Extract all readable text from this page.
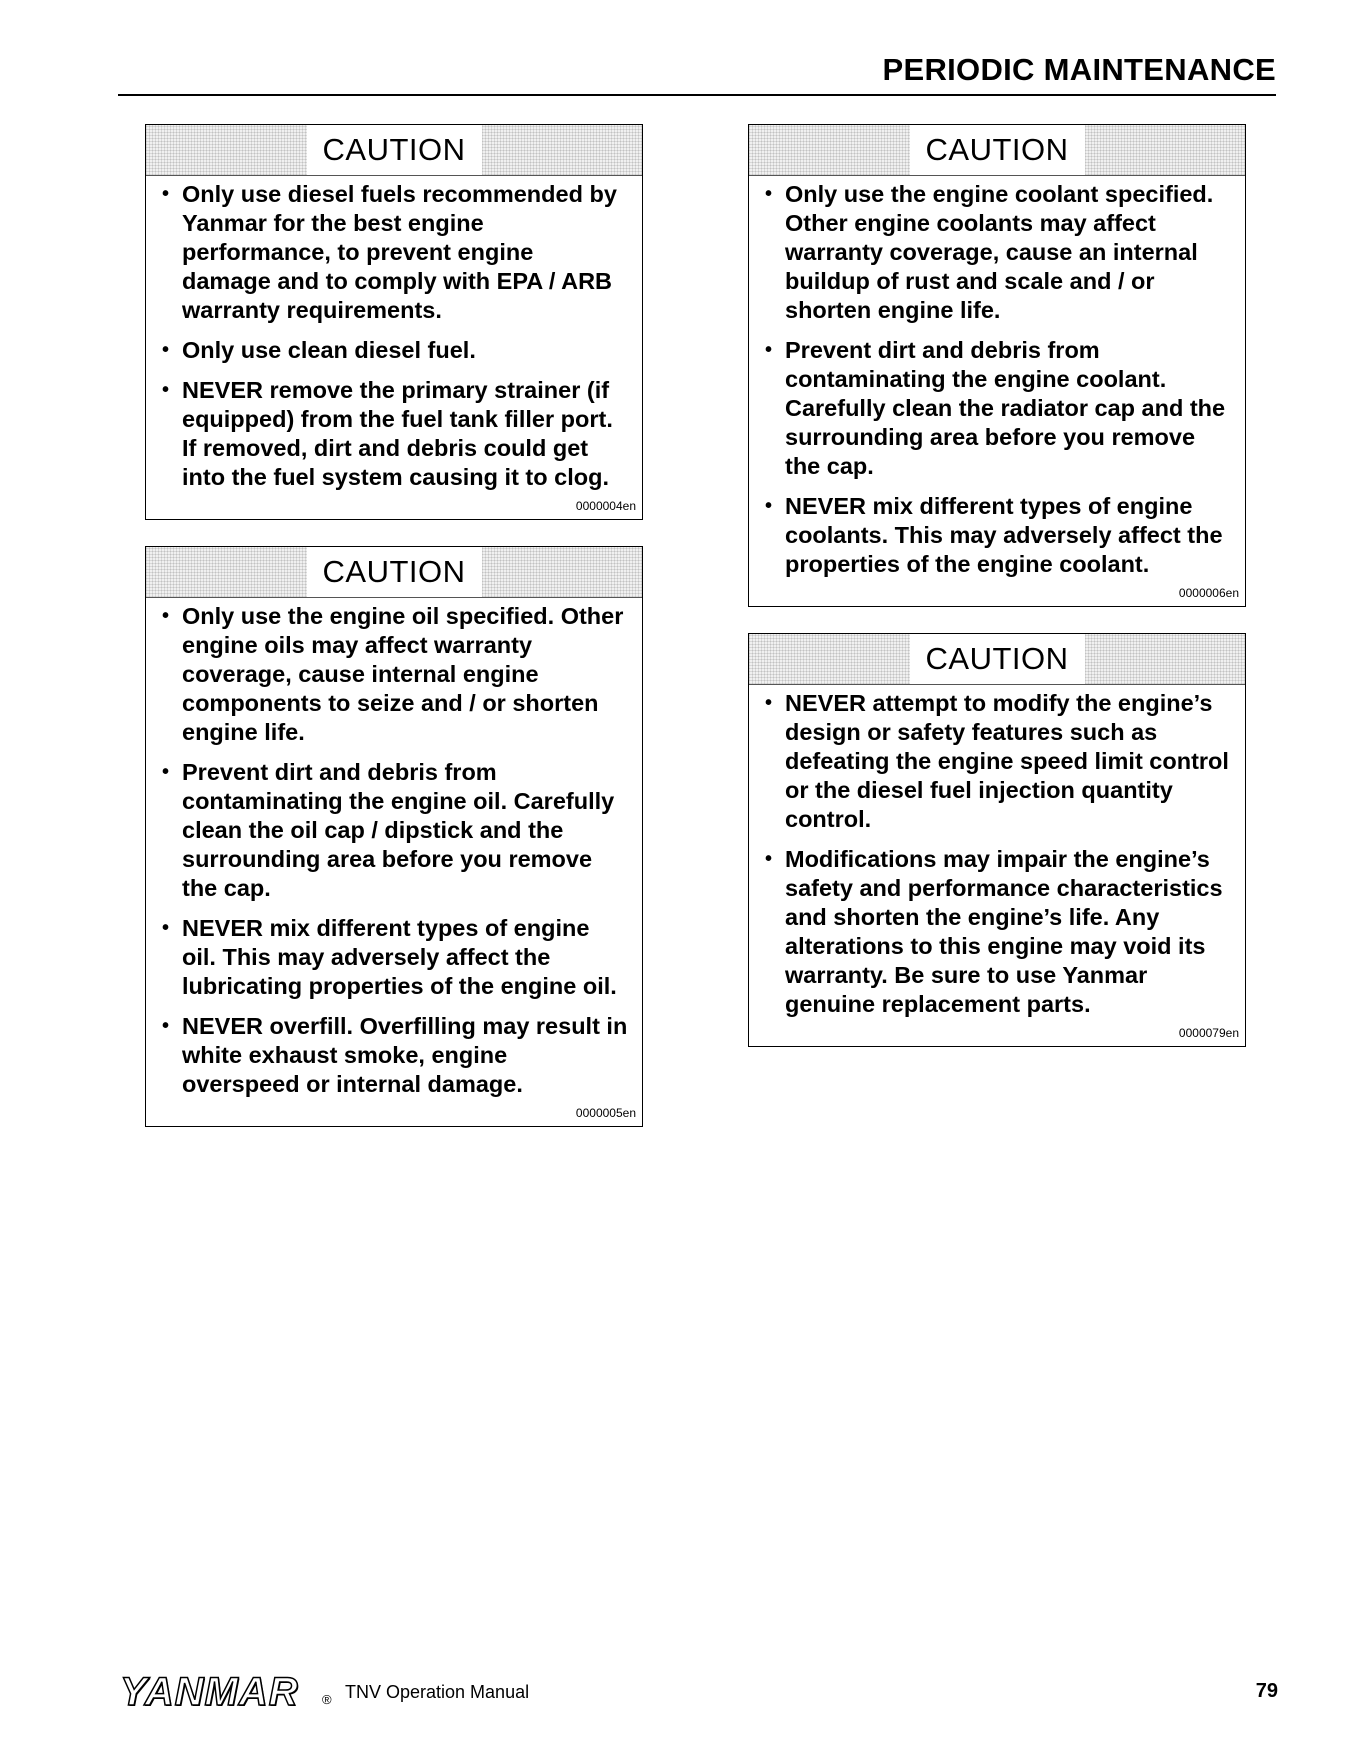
PERIODIC MAINTENANCE
CAUTION
• Only use diesel fuels recommended by Yanmar for the best engine performance, to prevent engine damage and to comply with EPA / ARB warranty requirements.
• Only use clean diesel fuel.
• NEVER remove the primary strainer (if equipped) from the fuel tank filler port. If removed, dirt and debris could get into the fuel system causing it to clog.
0000004en
CAUTION
• Only use the engine oil specified. Other engine oils may affect warranty coverage, cause internal engine components to seize and / or shorten engine life.
• Prevent dirt and debris from contaminating the engine oil. Carefully clean the oil cap / dipstick and the surrounding area before you remove the cap.
• NEVER mix different types of engine oil. This may adversely affect the lubricating properties of the engine oil.
• NEVER overfill. Overfilling may result in white exhaust smoke, engine overspeed or internal damage.
0000005en
CAUTION
• Only use the engine coolant specified. Other engine coolants may affect warranty coverage, cause an internal buildup of rust and scale and / or shorten engine life.
• Prevent dirt and debris from contaminating the engine coolant. Carefully clean the radiator cap and the surrounding area before you remove the cap.
• NEVER mix different types of engine coolants. This may adversely affect the properties of the engine coolant.
0000006en
CAUTION
• NEVER attempt to modify the engine’s design or safety features such as defeating the engine speed limit control or the diesel fuel injection quantity control.
• Modifications may impair the engine’s safety and performance characteristics and shorten the engine’s life. Any alterations to this engine may void its warranty. Be sure to use Yanmar genuine replacement parts.
0000079en
YANMAR ® TNV Operation Manual	79
